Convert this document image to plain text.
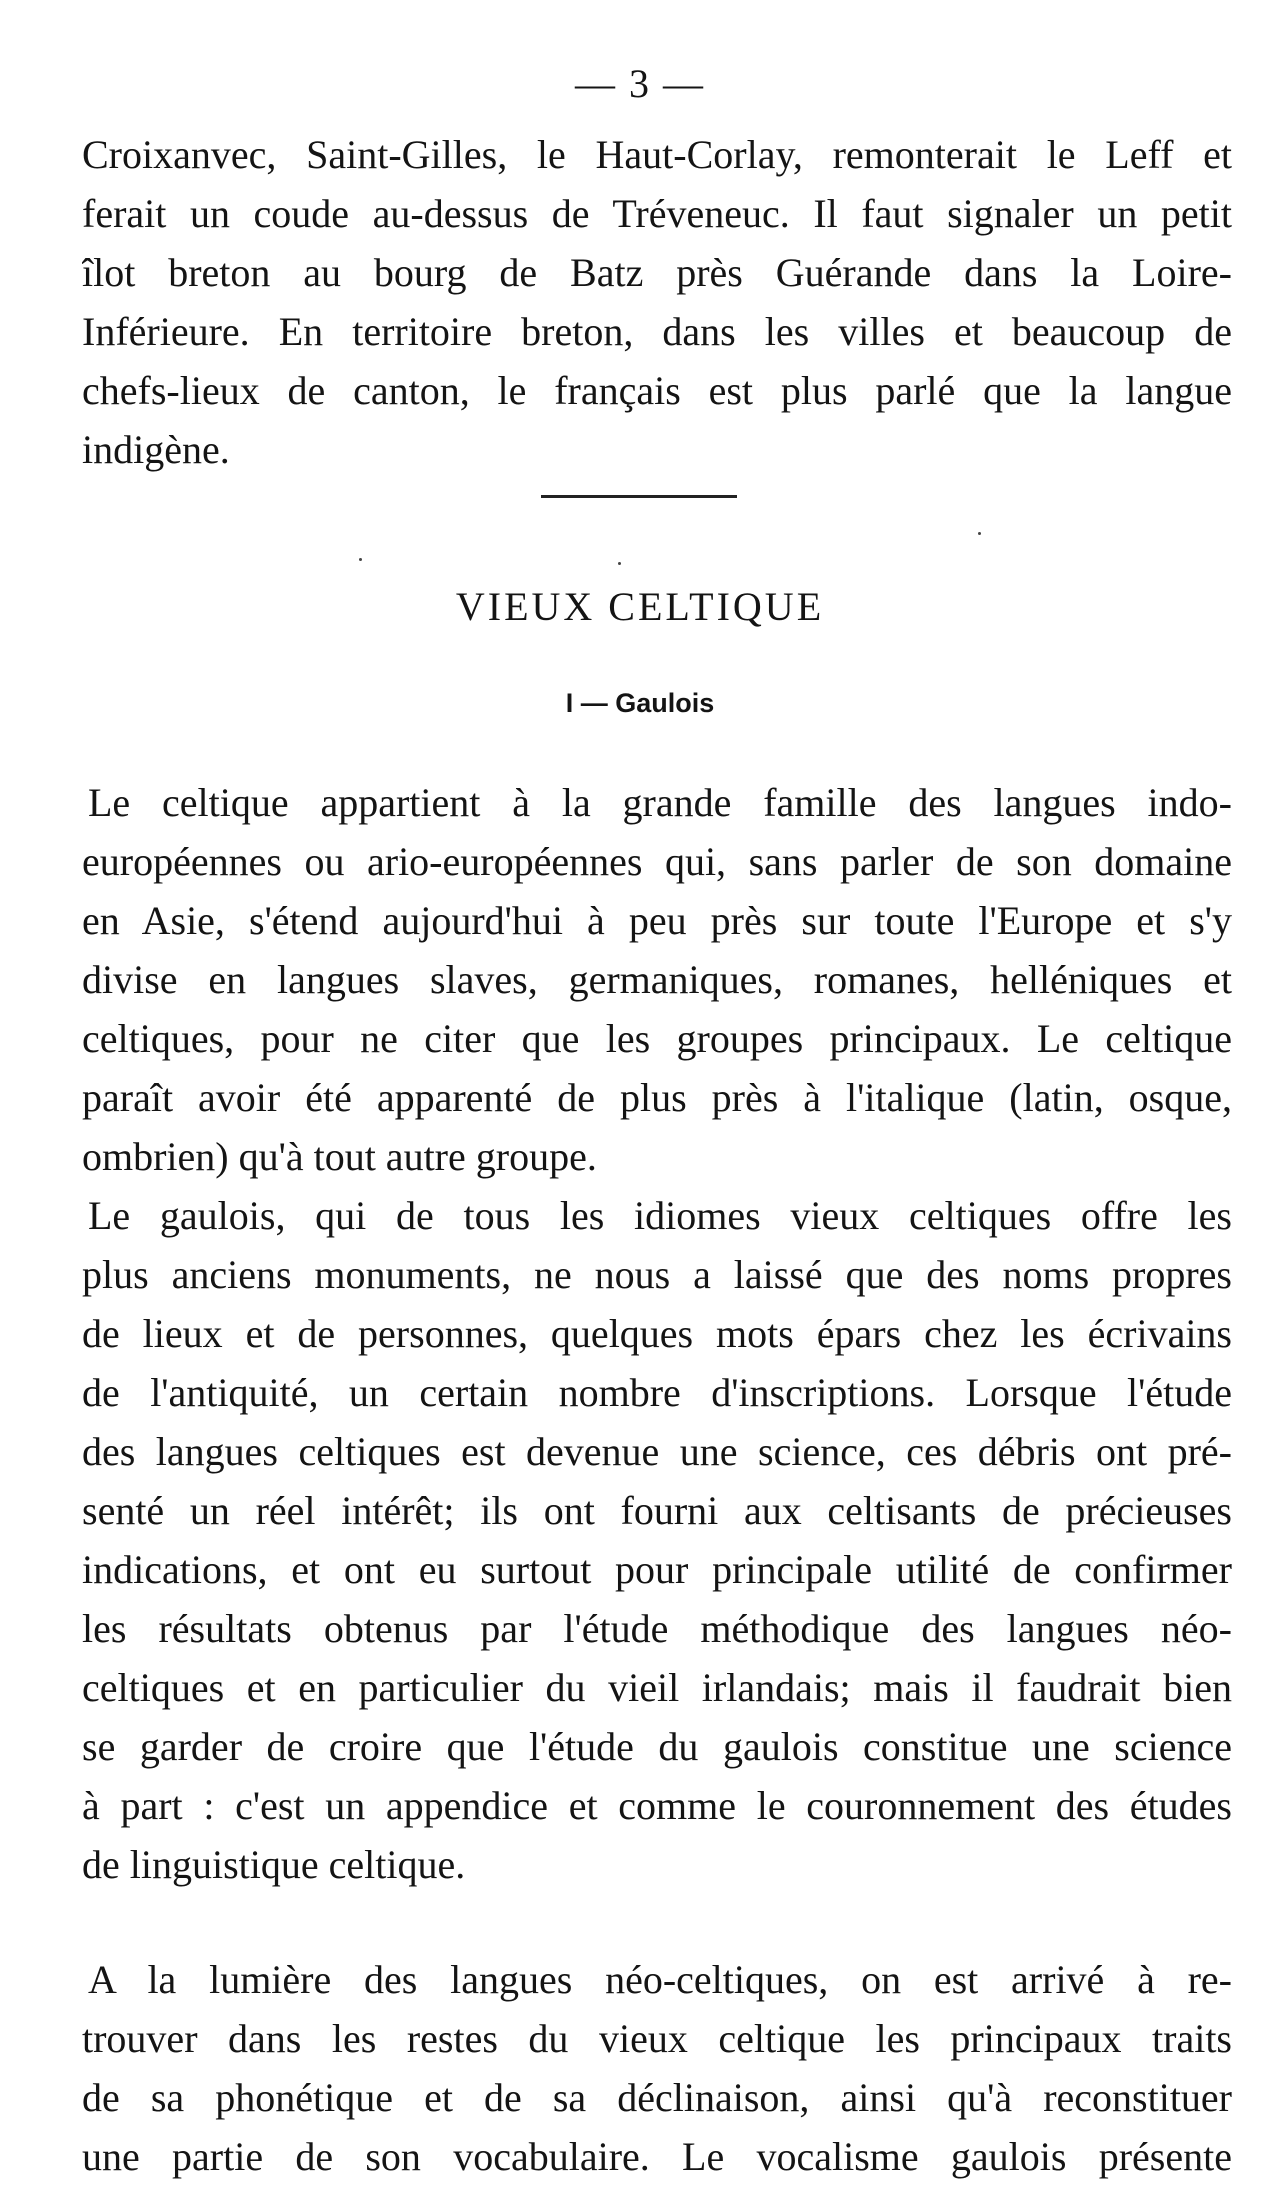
— 3 —
Croixanvec, Saint-Gilles, le Haut-Corlay, remonterait le Leff et
ferait un coude au-dessus de Tréveneuc. Il faut signaler un petit
îlot breton au bourg de Batz près Guérande dans la Loire-
Inférieure. En territoire breton, dans les villes et beaucoup de
chefs-lieux de canton, le français est plus parlé que la langue
indigène.
VIEUX CELTIQUE
I — Gaulois
Le celtique appartient à la grande famille des langues indo-
européennes ou ario-européennes qui, sans parler de son domaine
en Asie, s'étend aujourd'hui à peu près sur toute l'Europe et s'y
divise en langues slaves, germaniques, romanes, helléniques et
celtiques, pour ne citer que les groupes principaux. Le celtique
paraît avoir été apparenté de plus près à l'italique (latin, osque,
ombrien) qu'à tout autre groupe.
Le gaulois, qui de tous les idiomes vieux celtiques offre les
plus anciens monuments, ne nous a laissé que des noms propres
de lieux et de personnes, quelques mots épars chez les écrivains
de l'antiquité, un certain nombre d'inscriptions. Lorsque l'étude
des langues celtiques est devenue une science, ces débris ont pré-
senté un réel intérêt; ils ont fourni aux celtisants de précieuses
indications, et ont eu surtout pour principale utilité de confirmer
les résultats obtenus par l'étude méthodique des langues néo-
celtiques et en particulier du vieil irlandais; mais il faudrait bien
se garder de croire que l'étude du gaulois constitue une science
à part : c'est un appendice et comme le couronnement des études
de linguistique celtique.
A la lumière des langues néo-celtiques, on est arrivé à re-
trouver dans les restes du vieux celtique les principaux traits
de sa phonétique et de sa déclinaison, ainsi qu'à reconstituer
une partie de son vocabulaire. Le vocalisme gaulois présente
